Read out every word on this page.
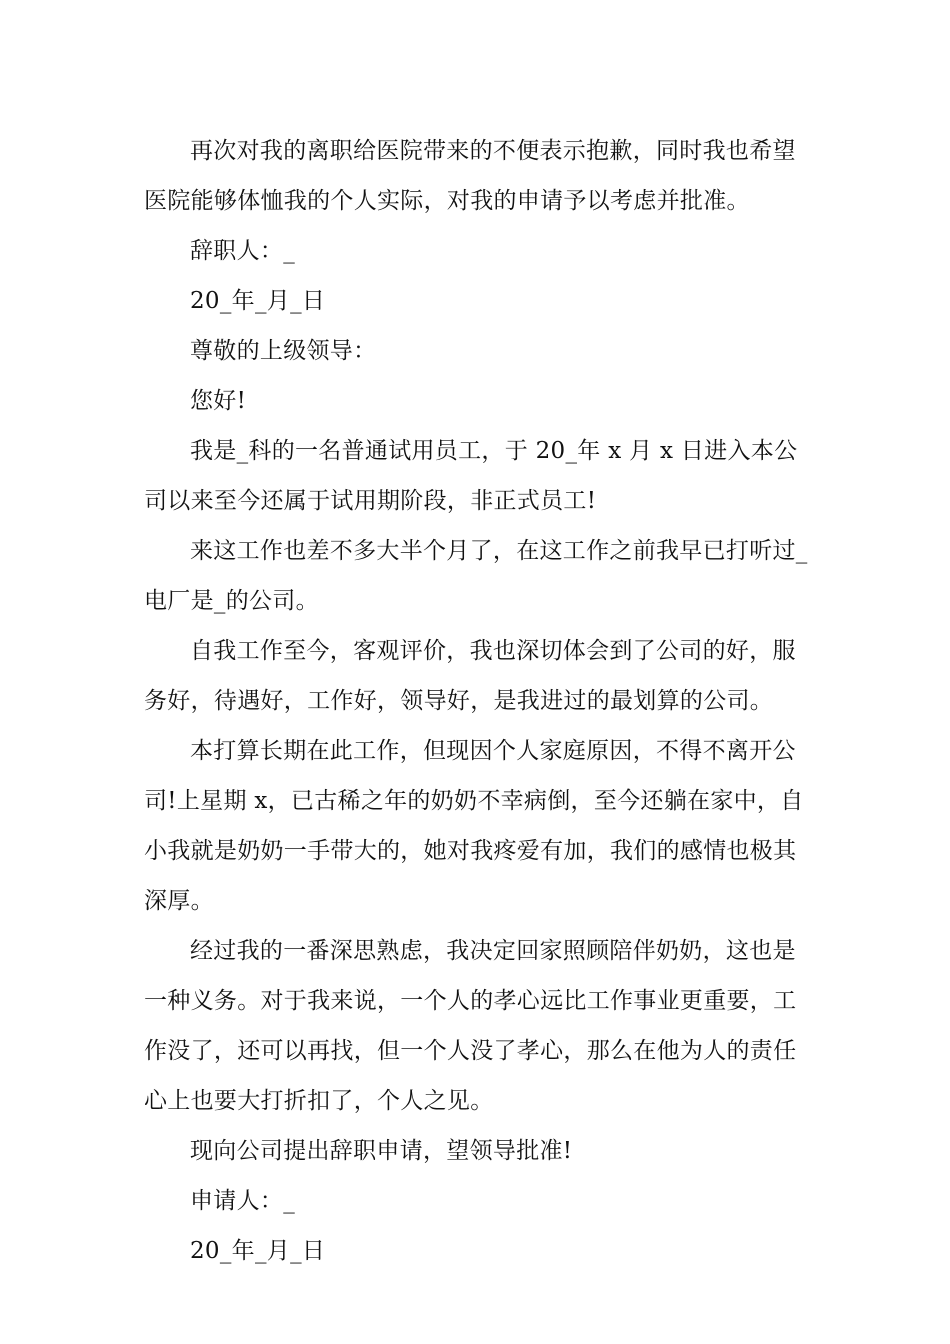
再次对我的离职给医院带来的不便表示抱歉，同时我也希望医院能够体恤我的个人实际，对我的申请予以考虑并批准。

辞职人：_

20_年_月_日

尊敬的上级领导：

您好!

我是_科的一名普通试用员工，于 20_年 x 月 x 日进入本公司以来至今还属于试用期阶段，非正式员工!

来这工作也差不多大半个月了，在这工作之前我早已打听过_电厂是_的公司。

自我工作至今，客观评价，我也深切体会到了公司的好，服务好，待遇好，工作好，领导好，是我进过的最划算的公司。

本打算长期在此工作，但现因个人家庭原因，不得不离开公司!上星期 x，已古稀之年的奶奶不幸病倒，至今还躺在家中，自小我就是奶奶一手带大的，她对我疼爱有加，我们的感情也极其深厚。

经过我的一番深思熟虑，我决定回家照顾陪伴奶奶，这也是一种义务。对于我来说，一个人的孝心远比工作事业更重要，工作没了，还可以再找，但一个人没了孝心，那么在他为人的责任心上也要大打折扣了，个人之见。

现向公司提出辞职申请，望领导批准!

申请人：_

20_年_月_日
